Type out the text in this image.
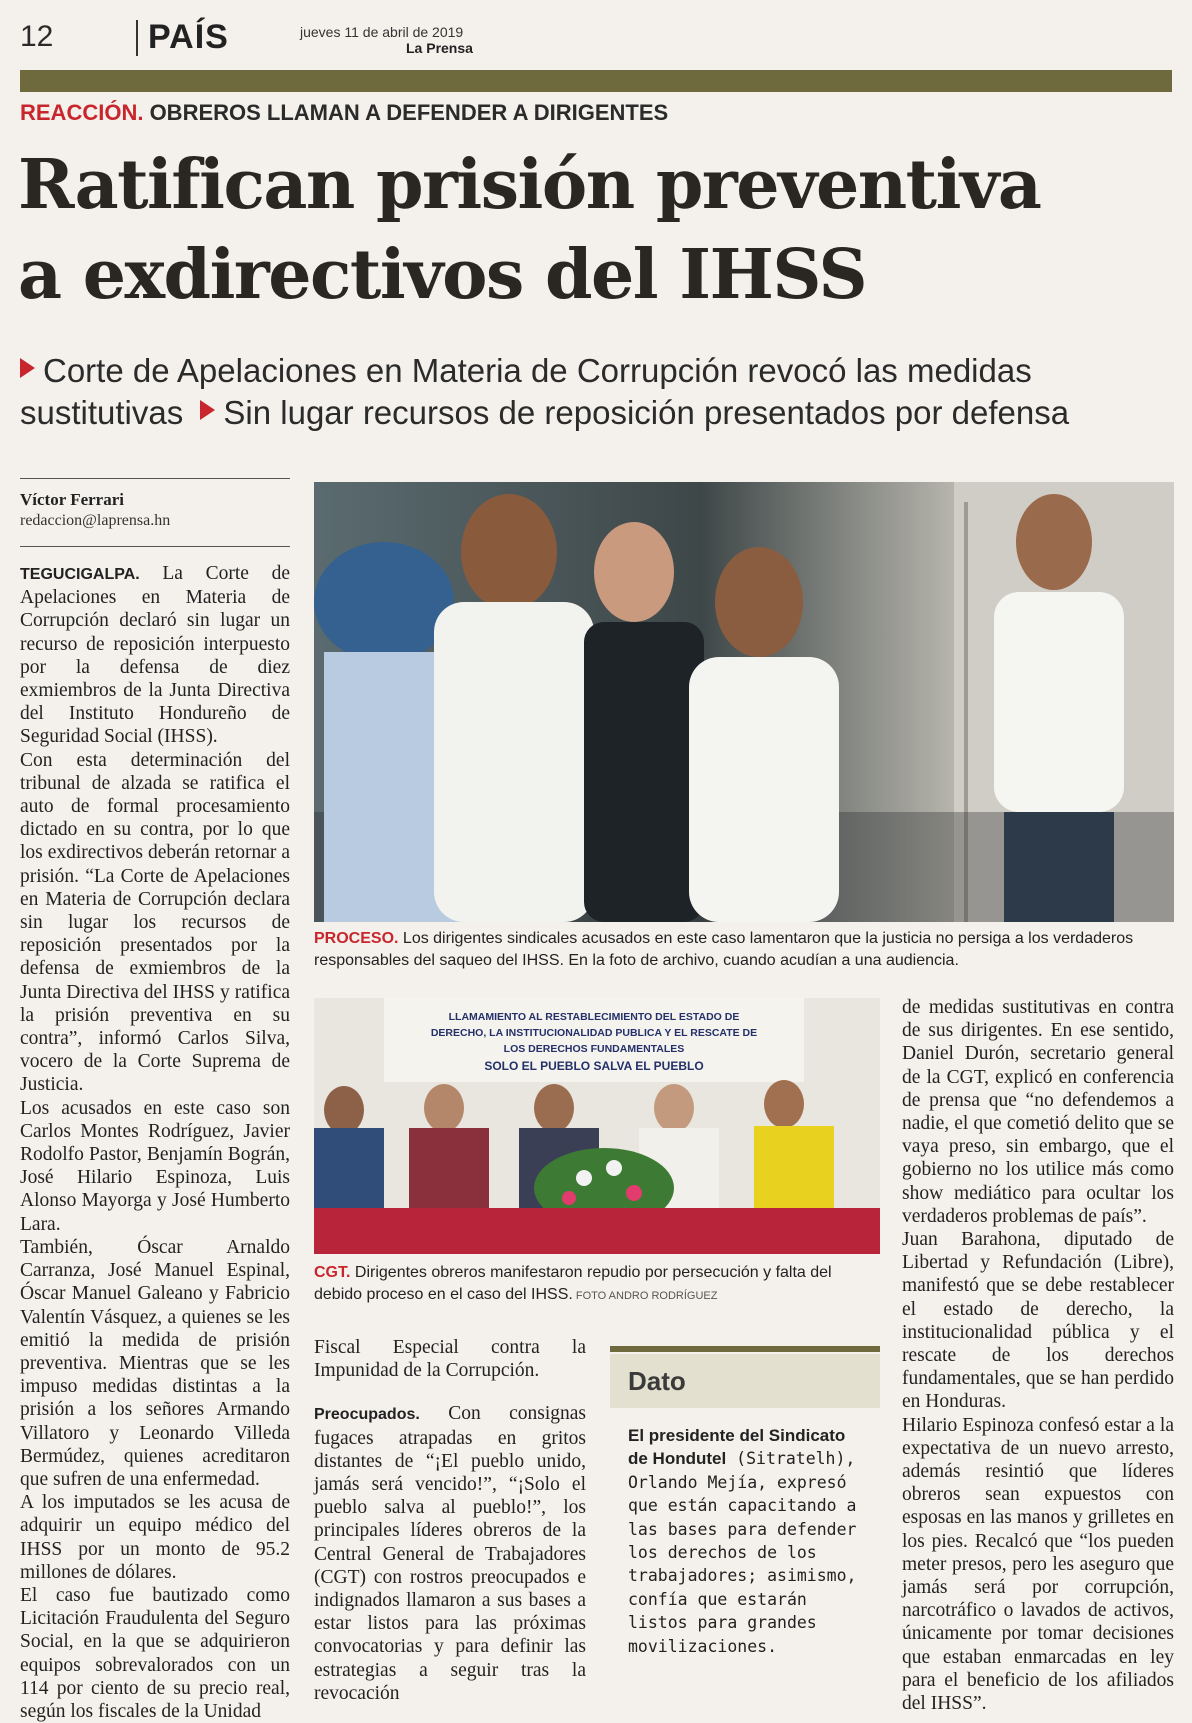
12	PAÍS	jueves 11 de abril de 2019
La Prensa
REACCIÓN. OBREROS LLAMAN A DEFENDER A DIRIGENTES
Ratifican prisión preventiva
a exdirectivos del IHSS
Corte de Apelaciones en Materia de Corrupción revocó las medidas sustitutivas Sin lugar recursos de reposición presentados por defensa
Víctor Ferrari
redaccion@laprensa.hn

TEGUCIGALPA. La Corte de Apelaciones en Materia de Corrupción declaró sin lugar un recurso de reposición interpuesto por la defensa de diez exmiembros de la Junta Directiva del Instituto Hondureño de Seguridad Social (IHSS).

Con esta determinación del tribunal de alzada se ratifica el auto de formal procesamiento dictado en su contra, por lo que los exdirectivos deberán retornar a prisión. “La Corte de Apelaciones en Materia de Corrupción declara sin lugar los recursos de reposición presentados por la defensa de exmiembros de la Junta Directiva del IHSS y ratifica la prisión preventiva en su contra”, informó Carlos Silva, vocero de la Corte Suprema de Justicia.

Los acusados en este caso son Carlos Montes Rodríguez, Javier Rodolfo Pastor, Benjamín Bográn, José Hilario Espinoza, Luis Alonso Mayorga y José Humberto Lara.

También, Óscar Arnaldo Carranza, José Manuel Espinal, Óscar Manuel Galeano y Fabricio Valentín Vásquez, a quienes se les emitió la medida de prisión preventiva. Mientras que se les impuso medidas distintas a la prisión a los señores Armando Villatoro y Leonardo Villeda Bermúdez, quienes acreditaron que sufren de una enfermedad.

A los imputados se les acusa de adquirir un equipo médico del IHSS por un monto de 95.2 millones de dólares.

El caso fue bautizado como Licitación Fraudulenta del Seguro Social, en la que se adquirieron equipos sobrevalorados con un 114 por ciento de su precio real, según los fiscales de la Unidad

PROCESO. Los dirigentes sindicales acusados en este caso lamentaron que la justicia no persiga a los verdaderos responsables del saqueo del IHSS. En la foto de archivo, cuando acudían a una audiencia.
LLAMAMIENTO AL RESTABLECIMIENTO DEL ESTADO DE
DERECHO, LA INSTITUCIONALIDAD PUBLICA Y EL RESCATE DE
LOS DERECHOS FUNDAMENTALES
SOLO EL PUEBLO SALVA EL PUEBLO
CGT. Dirigentes obreros manifestaron repudio por persecución y falta del debido proceso en el caso del IHSS. FOTO ANDRO RODRÍGUEZ

Fiscal Especial contra la Impunidad de la Corrupción.

Preocupados. Con consignas fugaces atrapadas en gritos distantes de “¡El pueblo unido, jamás será vencido!”, “¡Solo el pueblo salva al pueblo!”, los principales líderes obreros de la Central General de Trabajadores (CGT) con rostros preocupados e indignados llamaron a sus bases a estar listos para las próximas convocatorias y para definir las estrategias a seguir tras la revocación

Dato
El presidente del Sindicato de Hondutel (Sitratelh), Orlando Mejía, expresó que están capacitando a las bases para defender los derechos de los trabajadores; asimismo, confía que estarán listos para grandes movilizaciones.

de medidas sustitutivas en contra de sus dirigentes. En ese sentido, Daniel Durón, secretario general de la CGT, explicó en conferencia de prensa que “no defendemos a nadie, el que cometió delito que se vaya preso, sin embargo, que el gobierno no los utilice más como show mediático para ocultar los verdaderos problemas de país”.

Juan Barahona, diputado de Libertad y Refundación (Libre), manifestó que se debe restablecer el estado de derecho, la institucionalidad pública y el rescate de los derechos fundamentales, que se han perdido en Honduras.

Hilario Espinoza confesó estar a la expectativa de un nuevo arresto, además resintió que líderes obreros sean expuestos con esposas en las manos y grilletes en los pies. Recalcó que “los pueden meter presos, pero les aseguro que jamás será por corrupción, narcotráfico o lavados de activos, únicamente por tomar decisiones que estaban enmarcadas en ley para el beneficio de los afiliados del IHSS”.
